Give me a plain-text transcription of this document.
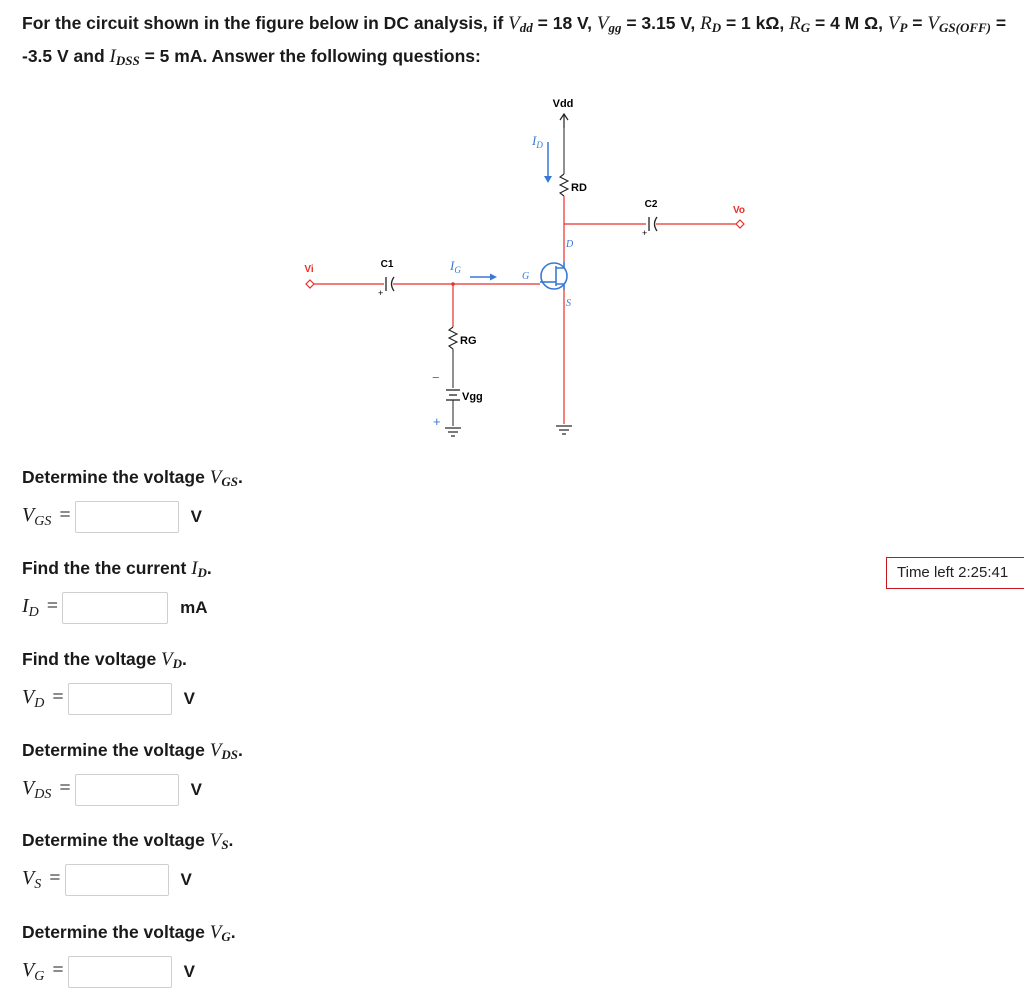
For the circuit shown in the figure below in DC analysis, if $V_{dd} = 18$ V, $V_{gg} = 3.15$ V, $R_D = 1$ kΩ, $R_G = 4$ M Ω, $V_P = V_{GS(OFF)} = -3.5$ V and $I_{DSS} = 5$ mA. Answer the following questions:
Vdd
$I_D$
RD
C2
+
Vo
D
S
G
Vi	C1
+
$I_G$
RG
Vgg
−
+
Determine the voltage $V_{GS}$.
$V_{GS}$ =	V
Find the the current $I_D$.
$I_D$ =	mA
Find the voltage $V_D$.
$V_D$ =	V
Determine the voltage $V_{DS}$.
$V_{DS}$ =	V
Determine the voltage $V_S$.
$V_S$ =	V
Determine the voltage $V_G$.
$V_G$ =	V
Time left 2:25:41
